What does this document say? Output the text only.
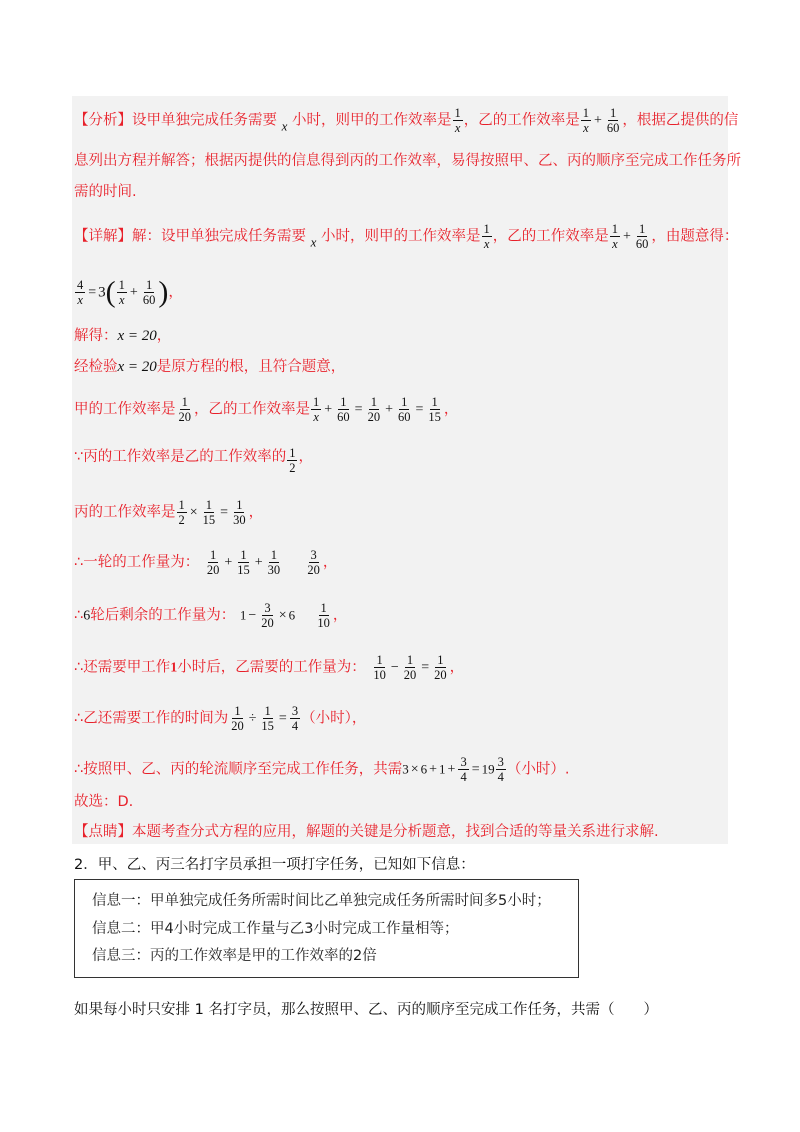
【分析】设甲单独完成任务需要 x 小时，则甲的工作效率是 $\frac{1}{x}$ ，乙的工作效率是 $\frac{1}{x} + \frac{1}{60}$ ，根据乙提供的信
息列出方程并解答；根据丙提供的信息得到丙的工作效率，易得按照甲、乙、丙的顺序至完成工作任务所
需的时间.
【详解】解：设甲单独完成任务需要 x 小时，则甲的工作效率是 $\frac{1}{x}$ ，乙的工作效率是 $\frac{1}{x} + \frac{1}{60}$ ，由题意得：
$\frac{4}{x} = 3( \frac{1}{x} + \frac{1}{60}$ )，
解得：x = 20，
经检验x = 20是原方程的根，且符合题意，
甲的工作效率是 $\frac{1}{20}$ ，乙的工作效率是 $\frac{1}{x} + \frac{1}{60} = \frac{1}{20} + \frac{1}{60} = \frac{1}{15}$ ，
∵丙的工作效率是乙的工作效率的 $\frac{1}{2}$ ，
丙的工作效率是 $\frac{1}{2} \times \frac{1}{15} = \frac{1}{30}$ ，
∴一轮的工作量为： $\frac{1}{20} + \frac{1}{15} + \frac{1}{30}$
$\frac{3}{20}$ ，
∴6轮后剩余的工作量为： $1 - \frac{3}{20} \times 6 \frac{1}{10}$ ，
∴还需要甲工作1小时后，乙需要的工作量为： $\frac{1}{10} - \frac{1}{20} = \frac{1}{20}$ ，
∴乙还需要工作的时间为 $\frac{1}{20} \div \frac{1}{15} = \frac{3}{4}$ （小时），
∴按照甲、乙、丙的轮流顺序至完成工作任务，共需$3 \times 6 + 1 + \frac{3}{4} = 19 \frac{3}{4}$ （小时）.
故选：D.
【点睛】本题考查分式方程的应用，解题的关键是分析题意，找到合适的等量关系进行求解.
2．甲、乙、丙三名打字员承担一项打字任务，已知如下信息：
信息一：甲单独完成任务所需时间比乙单独完成任务所需时间多5小时；
信息二：甲4小时完成工作量与乙3小时完成工作量相等；
信息三：丙的工作效率是甲的工作效率的2倍
如果每小时只安排 1 名打字员，那么按照甲、乙、丙的顺序至完成工作任务，共需（　　）
